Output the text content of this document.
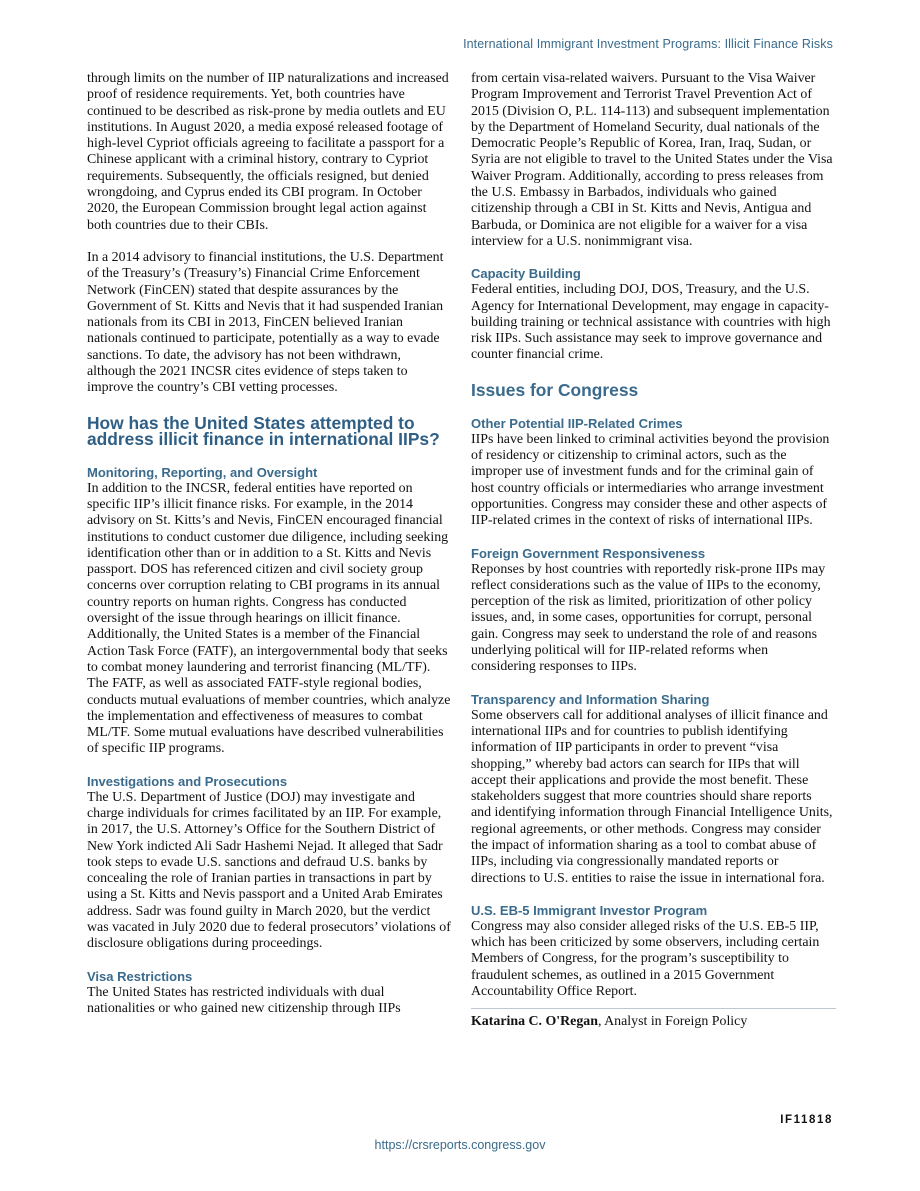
International Immigrant Investment Programs: Illicit Finance Risks

through limits on the number of IIP naturalizations and increased proof of residence requirements. Yet, both countries have continued to be described as risk-prone by media outlets and EU institutions. In August 2020, a media exposé released footage of high-level Cypriot officials agreeing to facilitate a passport for a Chinese applicant with a criminal history, contrary to Cypriot requirements. Subsequently, the officials resigned, but denied wrongdoing, and Cyprus ended its CBI program. In October 2020, the European Commission brought legal action against both countries due to their CBIs.

In a 2014 advisory to financial institutions, the U.S. Department of the Treasury’s (Treasury’s) Financial Crime Enforcement Network (FinCEN) stated that despite assurances by the Government of St. Kitts and Nevis that it had suspended Iranian nationals from its CBI in 2013, FinCEN believed Iranian nationals continued to participate, potentially as a way to evade sanctions. To date, the advisory has not been withdrawn, although the 2021 INCSR cites evidence of steps taken to improve the country’s CBI vetting processes.

How has the United States attempted to address illicit finance in international IIPs?
Monitoring, Reporting, and Oversight

In addition to the INCSR, federal entities have reported on specific IIP’s illicit finance risks. For example, in the 2014 advisory on St. Kitts’s and Nevis, FinCEN encouraged financial institutions to conduct customer due diligence, including seeking identification other than or in addition to a St. Kitts and Nevis passport. DOS has referenced citizen and civil society group concerns over corruption relating to CBI programs in its annual country reports on human rights. Congress has conducted oversight of the issue through hearings on illicit finance. Additionally, the United States is a member of the Financial Action Task Force (FATF), an intergovernmental body that seeks to combat money laundering and terrorist financing (ML/TF). The FATF, as well as associated FATF-style regional bodies, conducts mutual evaluations of member countries, which analyze the implementation and effectiveness of measures to combat ML/TF. Some mutual evaluations have described vulnerabilities of specific IIP programs.

Investigations and Prosecutions

The U.S. Department of Justice (DOJ) may investigate and charge individuals for crimes facilitated by an IIP. For example, in 2017, the U.S. Attorney’s Office for the Southern District of New York indicted Ali Sadr Hashemi Nejad. It alleged that Sadr took steps to evade U.S. sanctions and defraud U.S. banks by concealing the role of Iranian parties in transactions in part by using a St. Kitts and Nevis passport and a United Arab Emirates address. Sadr was found guilty in March 2020, but the verdict was vacated in July 2020 due to federal prosecutors’ violations of disclosure obligations during proceedings.

Visa Restrictions

The United States has restricted individuals with dual nationalities or who gained new citizenship through IIPs

from certain visa-related waivers. Pursuant to the Visa Waiver Program Improvement and Terrorist Travel Prevention Act of 2015 (Division O, P.L. 114-113) and subsequent implementation by the Department of Homeland Security, dual nationals of the Democratic People’s Republic of Korea, Iran, Iraq, Sudan, or Syria are not eligible to travel to the United States under the Visa Waiver Program. Additionally, according to press releases from the U.S. Embassy in Barbados, individuals who gained citizenship through a CBI in St. Kitts and Nevis, Antigua and Barbuda, or Dominica are not eligible for a waiver for a visa interview for a U.S. nonimmigrant visa.

Capacity Building

Federal entities, including DOJ, DOS, Treasury, and the U.S. Agency for International Development, may engage in capacity-building training or technical assistance with countries with high risk IIPs. Such assistance may seek to improve governance and counter financial crime.

Issues for Congress
Other Potential IIP-Related Crimes

IIPs have been linked to criminal activities beyond the provision of residency or citizenship to criminal actors, such as the improper use of investment funds and for the criminal gain of host country officials or intermediaries who arrange investment opportunities. Congress may consider these and other aspects of IIP-related crimes in the context of risks of international IIPs.

Foreign Government Responsiveness

Reponses by host countries with reportedly risk-prone IIPs may reflect considerations such as the value of IIPs to the economy, perception of the risk as limited, prioritization of other policy issues, and, in some cases, opportunities for corrupt, personal gain. Congress may seek to understand the role of and reasons underlying political will for IIP-related reforms when considering responses to IIPs.

Transparency and Information Sharing

Some observers call for additional analyses of illicit finance and international IIPs and for countries to publish identifying information of IIP participants in order to prevent “visa shopping,” whereby bad actors can search for IIPs that will accept their applications and provide the most benefit. These stakeholders suggest that more countries should share reports and identifying information through Financial Intelligence Units, regional agreements, or other methods. Congress may consider the impact of information sharing as a tool to combat abuse of IIPs, including via congressionally mandated reports or directions to U.S. entities to raise the issue in international fora.

U.S. EB-5 Immigrant Investor Program

Congress may also consider alleged risks of the U.S. EB-5 IIP, which has been criticized by some observers, including certain Members of Congress, for the program’s susceptibility to fraudulent schemes, as outlined in a 2015 Government Accountability Office Report.

Katarina C. O'Regan, Analyst in Foreign Policy

IF11818
https://crsreports.congress.gov
